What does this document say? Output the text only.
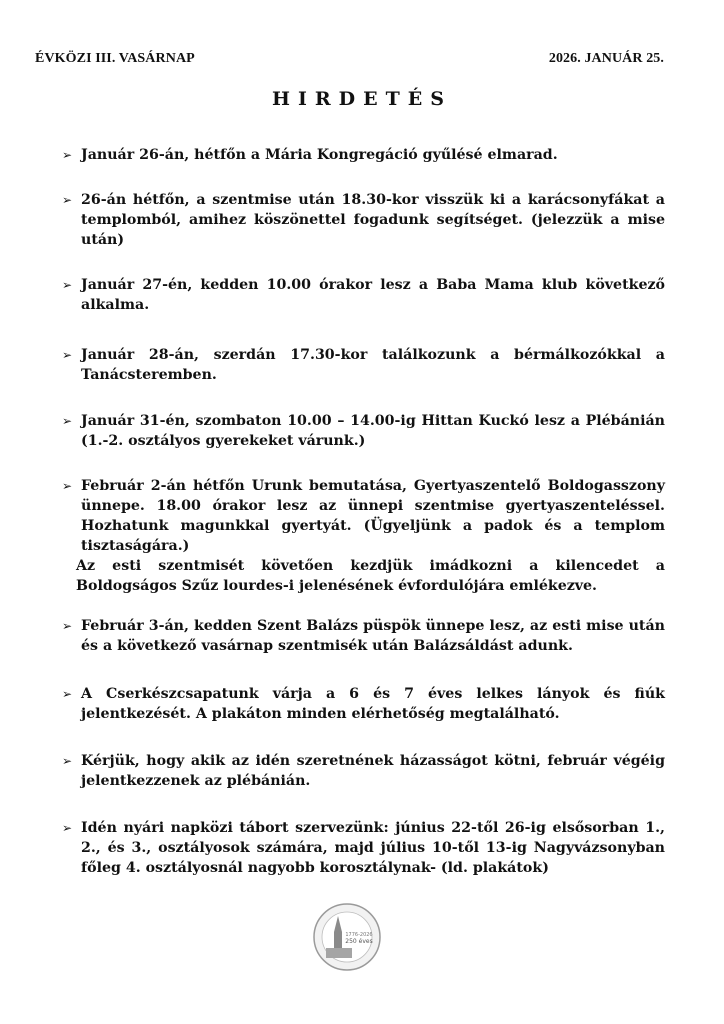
ÉVKÖZI III. VASÁRNAP	2026. JANUÁR 25.
HIRDETÉS
➢ Január 26-án, hétfőn a Mária Kongregáció gyűlésé elmarad.
➢ 26-án hétfőn, a szentmise után 18.30-kor visszük ki a karácsonyfákat a templomból, amihez köszönettel fogadunk segítséget. (jelezzük a mise után)
➢ Január 27-én, kedden 10.00 órakor lesz a Baba Mama klub következő alkalma.
➢ Január 28-án, szerdán 17.30-kor találkozunk a bérmálkozókkal a Tanácsteremben.
➢ Január 31-én, szombaton 10.00 – 14.00-ig Hittan Kuckó lesz a Plébánián (1.-2. osztályos gyerekeket várunk.)
➢ Február 2-án hétfőn Urunk bemutatása, Gyertyaszentelő Boldogasszony ünnepe. 18.00 órakor lesz az ünnepi szentmise gyertyaszenteléssel. Hozhatunk magunkkal gyertyát. (Ügyeljünk a padok és a templom tisztaságára.)
Az esti szentmisét követően kezdjük imádkozni a kilencedet a Boldogságos Szűz lourdes-i jelenésének évfordulójára emlékezve.
➢ Február 3-án, kedden Szent Balázs püspök ünnepe lesz, az esti mise után és a következő vasárnap szentmisék után Balázsáldást adunk.
➢ A Cserkészcsapatunk várja a 6 és 7 éves lelkes lányok és fiúk jelentkezését. A plakáton minden elérhetőség megtalálható.
➢ Kérjük, hogy akik az idén szeretnének házasságot kötni, február végéig jelentkezzenek az plébánián.
➢ Idén nyári napközi tábort szervezünk: június 22-től 26-ig elsősorban 1., 2., és 3., osztályosok számára, majd július 10-től 13-ig Nagyvázsonyban főleg 4. osztályosnál nagyobb korosztálynak- (ld. plakátok)
1776-2026
250 éves
